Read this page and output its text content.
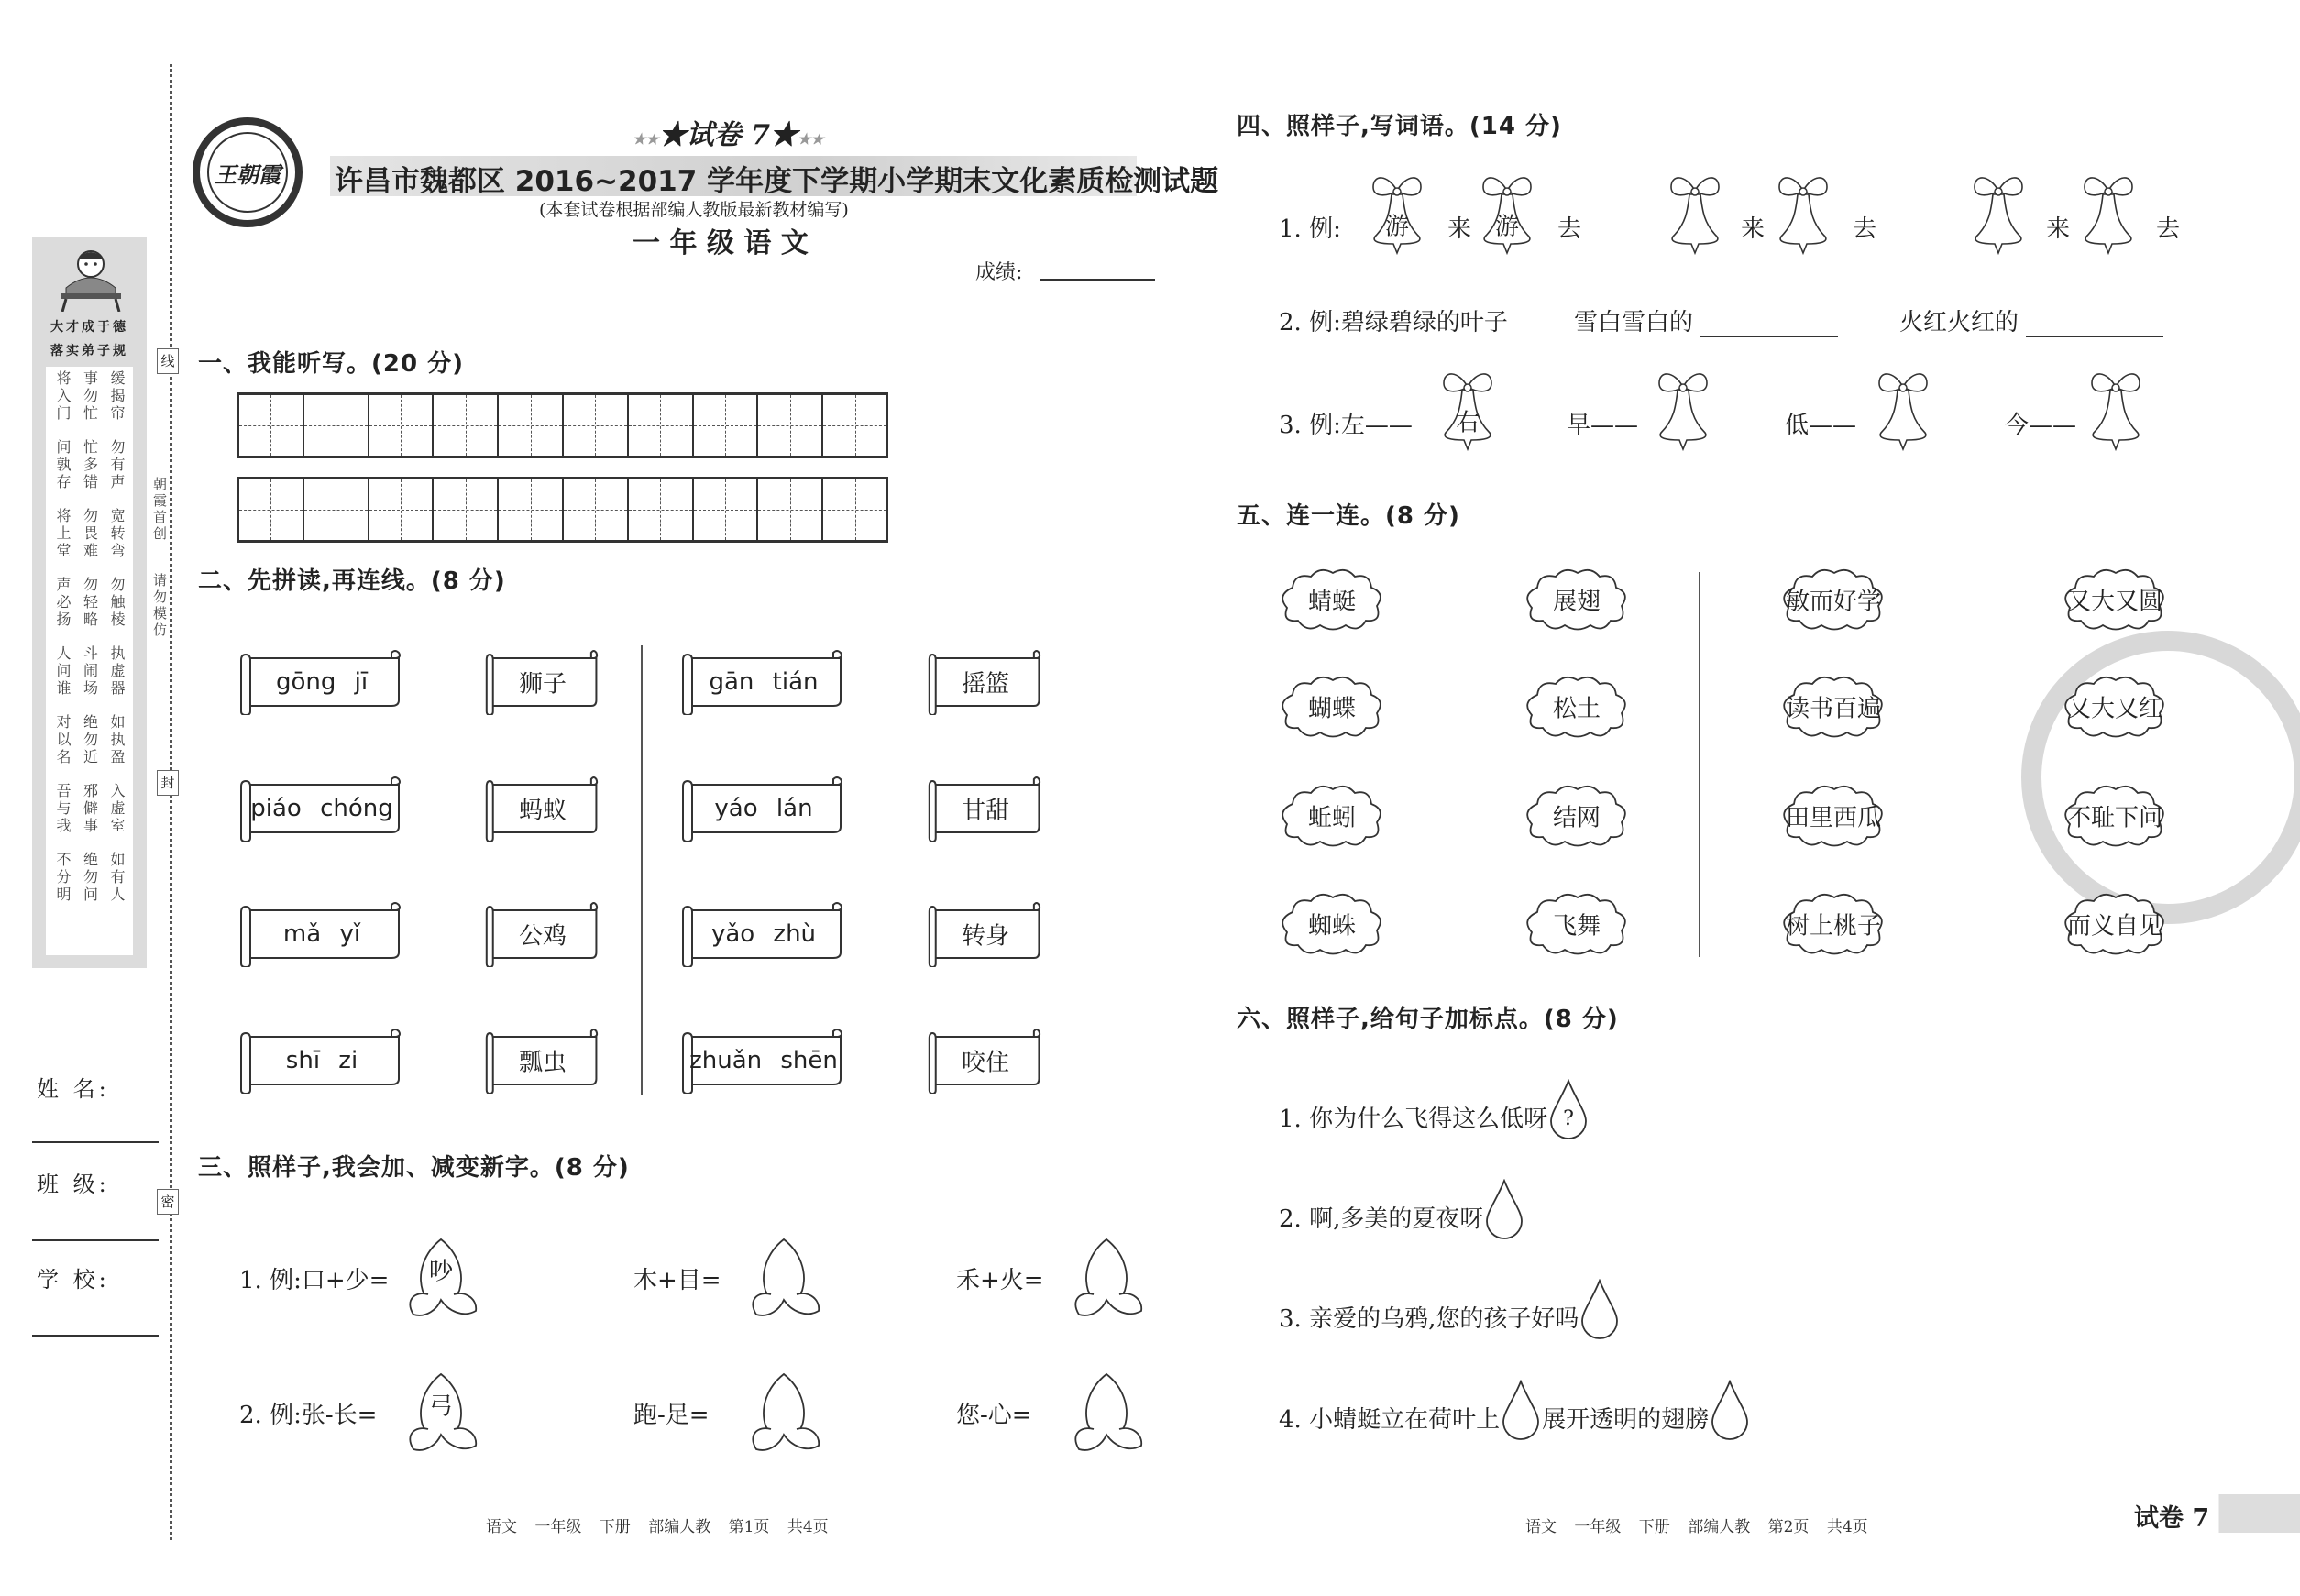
大才成于德
落实弟子规
将入门 事勿忙 缓揭帘
问孰存 忙多错 勿有声
将上堂 勿畏难 宽转弯
声必扬 勿轻略 勿触棱
人问谁 斗闹场 执虚器
对以名 绝勿近 如执盈
吾与我 邪僻事 入虚室
不分明 绝勿问 如有人
线
封
密
朝霞首创
请勿模仿
姓 名:
班 级:
学 校:
王朝霞
★★★试卷 7★★★
许昌市魏都区 2016~2017 学年度下学期小学期末文化素质检测试题
(本套试卷根据部编人教版最新教材编写)
一 年 级 语 文
成绩:
一、我能听写。(20 分)
二、先拼读,再连线。(8 分)
三、照样子,我会加、减变新字。(8 分)
语文 一年级 下册 部编人教 第1页 共4页
四、照样子,写词语。(14 分)
1. 例:
2. 例:碧绿碧绿的叶子	雪白雪白的	火红火红的
五、连一连。(8 分)
六、照样子,给句子加标点。(8 分)
语文 一年级 下册 部编人教 第2页 共4页	试卷 7
gōng jī
piáo chóng
mǎ yǐ
shī zi
狮子
蚂蚁
公鸡
瓢虫
gān tián
yáo lán
yǎo zhù
zhuǎn shēn
摇篮
甘甜
转身
咬住
1. 例:口+少=	吵	木+目=	禾+火=
2. 例:张-长=	弓	跑-足=	您-心=
游	游
来	去	来	去	来	去
3. 例:左——	右	早——	低——	今——
蜻蜓
蝴蝶
蚯蚓
蜘蛛
展翅
松土
结网
飞舞
敏而好学
读书百遍
田里西瓜
树上桃子
又大又圆
又大又红
不耻下问
而义自见
1. 你为什么飞得这么低呀 ?
2. 啊,多美的夏夜呀
3. 亲爱的乌鸦,您的孩子好吗
4. 小蜻蜓立在荷叶上 展开透明的翅膀
